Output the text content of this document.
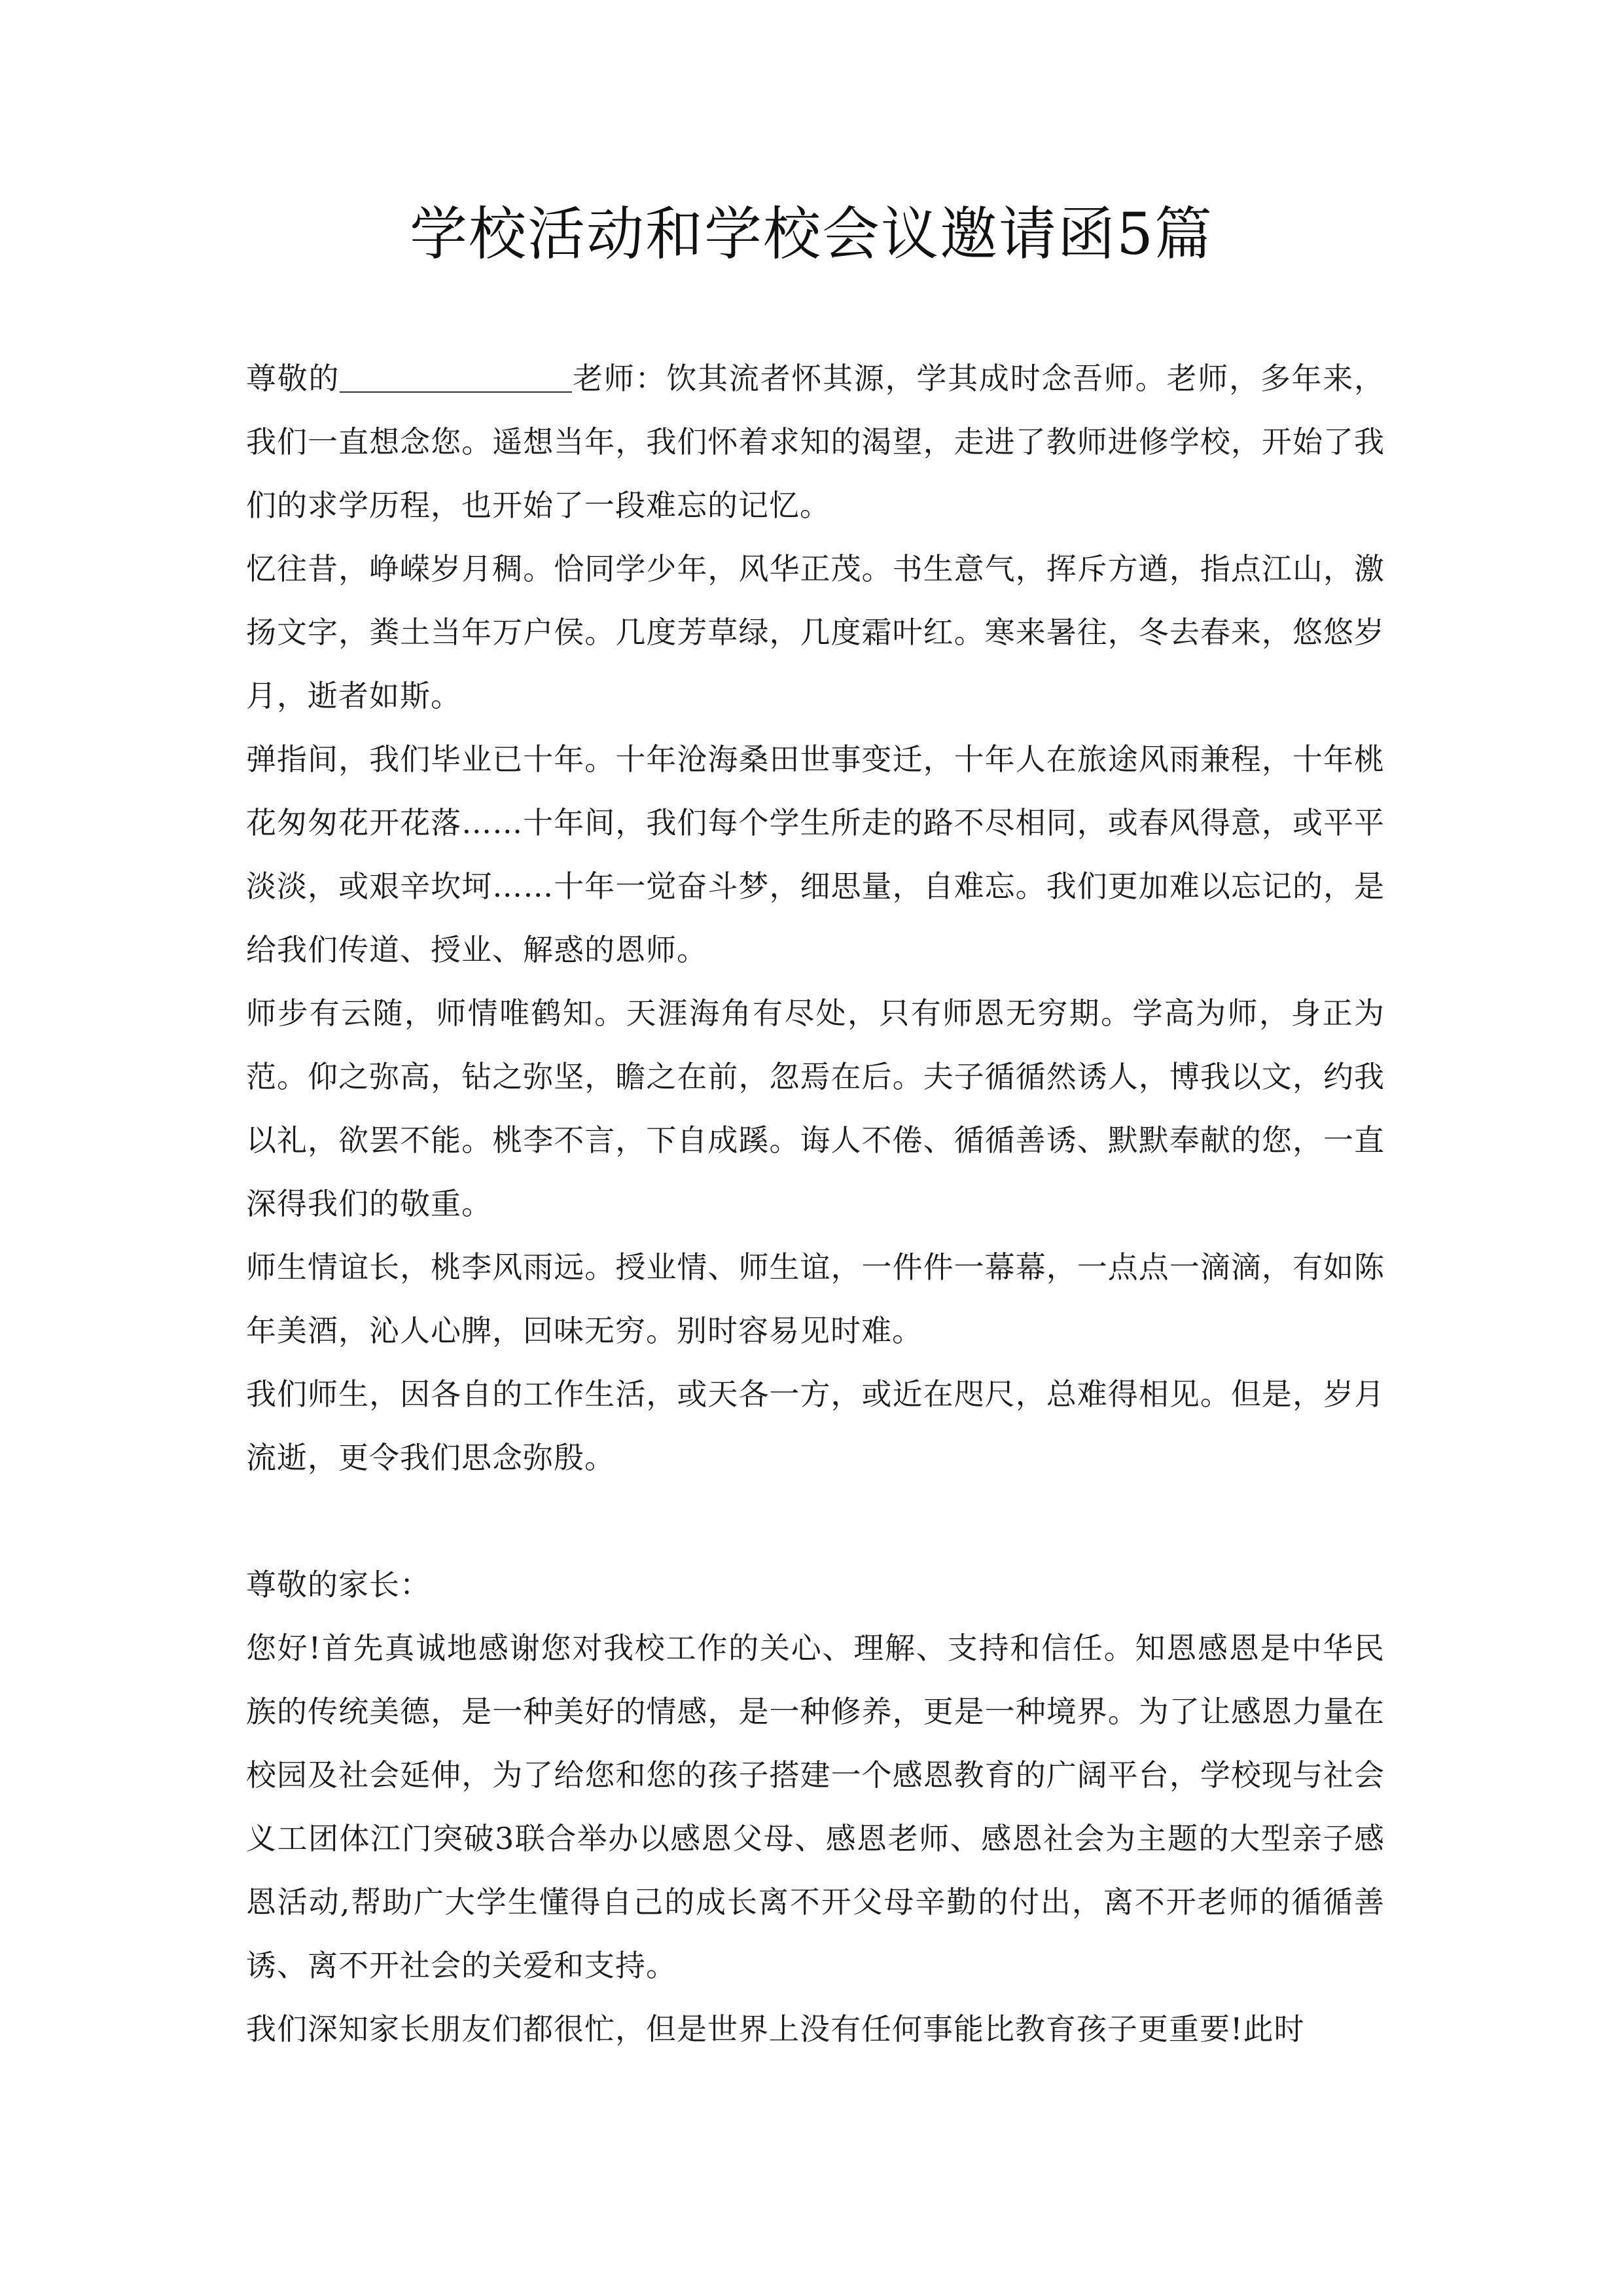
学校活动和学校会议邀请函5篇

尊敬的	老师：饮其流者怀其源，学其成时念吾师。老师，多年来，我们一直想念您。遥想当年，我们怀着求知的渴望，走进了教师进修学校，开始了我们的求学历程，也开始了一段难忘的记忆。

忆往昔，峥嵘岁月稠。恰同学少年，风华正茂。书生意气，挥斥方遒，指点江山，激扬文字，粪土当年万户侯。几度芳草绿，几度霜叶红。寒来暑往，冬去春来，悠悠岁月，逝者如斯。

弹指间，我们毕业已十年。十年沧海桑田世事变迁，十年人在旅途风雨兼程，十年桃花匆匆花开花落……十年间，我们每个学生所走的路不尽相同，或春风得意，或平平淡淡，或艰辛坎坷……十年一觉奋斗梦，细思量，自难忘。我们更加难以忘记的，是给我们传道、授业、解惑的恩师。

师步有云随，师情唯鹤知。天涯海角有尽处，只有师恩无穷期。学高为师，身正为范。仰之弥高，钻之弥坚，瞻之在前，忽焉在后。夫子循循然诱人，博我以文，约我以礼，欲罢不能。桃李不言，下自成蹊。诲人不倦、循循善诱、默默奉献的您，一直深得我们的敬重。

师生情谊长，桃李风雨远。授业情、师生谊，一件件一幕幕，一点点一滴滴，有如陈年美酒，沁人心脾，回味无穷。别时容易见时难。

我们师生，因各自的工作生活，或天各一方，或近在咫尺，总难得相见。但是，岁月流逝，更令我们思念弥殷。

尊敬的家长：

您好!首先真诚地感谢您对我校工作的关心、理解、支持和信任。知恩感恩是中华民族的传统美德，是一种美好的情感，是一种修养，更是一种境界。为了让感恩力量在校园及社会延伸，为了给您和您的孩子搭建一个感恩教育的广阔平台，学校现与社会义工团体江门突破3联合举办以感恩父母、感恩老师、感恩社会为主题的大型亲子感恩活动,帮助广大学生懂得自己的成长离不开父母辛勤的付出，离不开老师的循循善诱、离不开社会的关爱和支持。

我们深知家长朋友们都很忙，但是世界上没有任何事能比教育孩子更重要!此时
